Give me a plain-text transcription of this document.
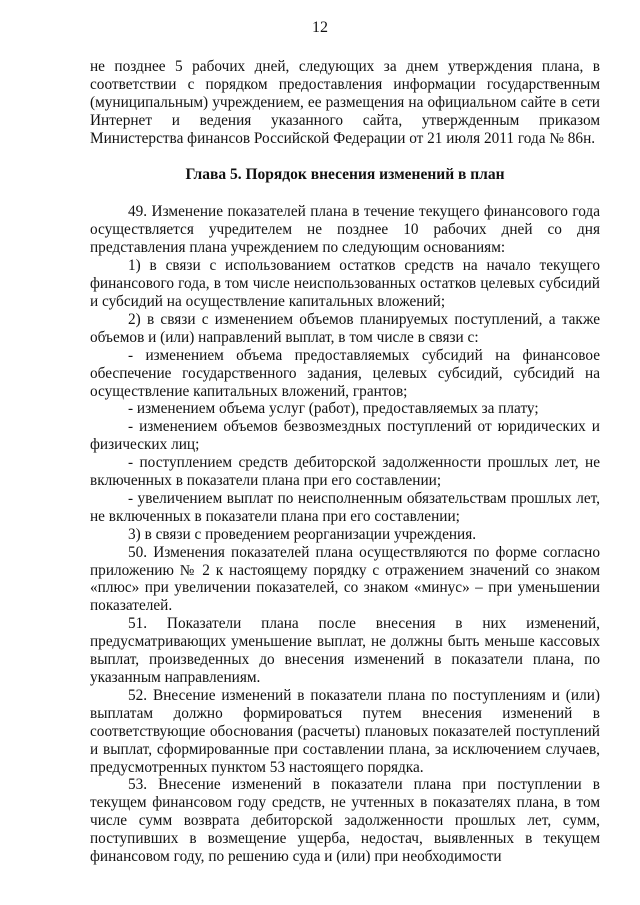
12

не позднее 5 рабочих дней, следующих за днем утверждения плана, в соответствии с порядком предоставления информации государственным (муниципальным) учреждением, ее размещения на официальном сайте в сети Интернет и ведения указанного сайта, утвержденным приказом Министерства финансов Российской Федерации от 21 июля 2011 года № 86н.

Глава 5. Порядок внесения изменений в план

49. Изменение показателей плана в течение текущего финансового года осуществляется учредителем не позднее 10 рабочих дней со дня представления плана учреждением по следующим основаниям:

1) в связи с использованием остатков средств на начало текущего финансового года, в том числе неиспользованных остатков целевых субсидий и субсидий на осуществление капитальных вложений;

2) в связи с изменением объемов планируемых поступлений, а также объемов и (или) направлений выплат, в том числе в связи с:

- изменением объема предоставляемых субсидий на финансовое обеспечение государственного задания, целевых субсидий, субсидий на осуществление капитальных вложений, грантов;

- изменением объема услуг (работ), предоставляемых за плату;

- изменением объемов безвозмездных поступлений от юридических и физических лиц;

- поступлением средств дебиторской задолженности прошлых лет, не включенных в показатели плана при его составлении;

- увеличением выплат по неисполненным обязательствам прошлых лет, не включенных в показатели плана при его составлении;

3) в связи с проведением реорганизации учреждения.

50. Изменения показателей плана осуществляются по форме согласно приложению № 2 к настоящему порядку с отражением значений со знаком «плюс» при увеличении показателей, со знаком «минус» – при уменьшении показателей.

51. Показатели плана после внесения в них изменений, предусматривающих уменьшение выплат, не должны быть меньше кассовых выплат, произведенных до внесения изменений в показатели плана, по указанным направлениям.

52. Внесение изменений в показатели плана по поступлениям и (или) выплатам должно формироваться путем внесения изменений в соответствующие обоснования (расчеты) плановых показателей поступлений и выплат, сформированные при составлении плана, за исключением случаев, предусмотренных пунктом 53 настоящего порядка.

53. Внесение изменений в показатели плана при поступлении в текущем финансовом году средств, не учтенных в показателях плана, в том числе сумм возврата дебиторской задолженности прошлых лет, сумм, поступивших в возмещение ущерба, недостач, выявленных в текущем финансовом году, по решению суда и (или) при необходимости
